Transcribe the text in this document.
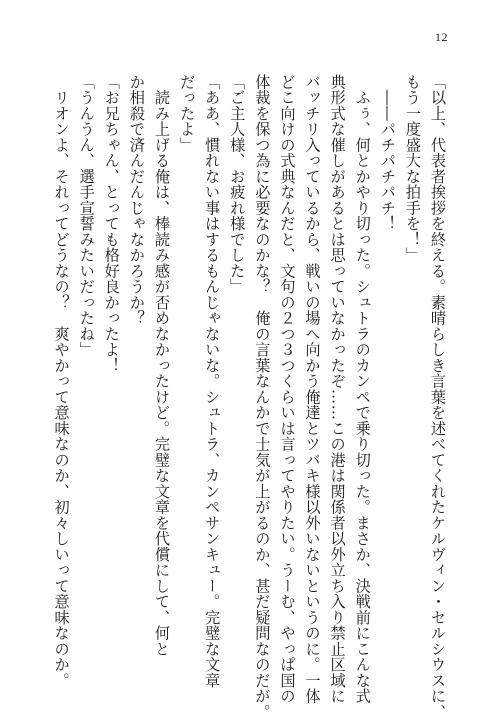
12
「以上、代表者挨拶を終える。素晴らしき言葉を述べてくれたケルヴィン・セルシウスに、
もう一度盛大な拍手を！」
　――パチパチパチ！
　ふぅ、何とかやり切った。シュトラのカンペで乗り切った。まさか、決戦前にこんな式
典形式な催しがあるとは思っていなかったぞ……この港は関係者以外立ち入り禁止区域に
バッチリ入っているから、戦いの場へ向かう俺達とツバキ様以外いないというのに。一体
どこ向けの式典なんだと、文句の２つ３つくらいは言ってやりたい。うーむ、やっぱ国の
体裁を保つ為に必要なのかな？　俺の言葉なんかで士気が上がるのか、甚だ疑問なのだが。
「ご主人様、お疲れ様でした」
「ああ、慣れない事はするもんじゃないな。シュトラ、カンペサンキュー。完璧な文章
だったよ」
　読み上げる俺は、棒読み感が否めなかったけど。完璧な文章を代償にして、何と
か相殺で済んだんじゃなかろうか？
「お兄ちゃん、とっても格好良かったよ！
「うんうん、選手宣誓みたいだったね」
　リオンよ、それってどうなの？　爽やかって意味なのか、初々しいって意味なのか。
